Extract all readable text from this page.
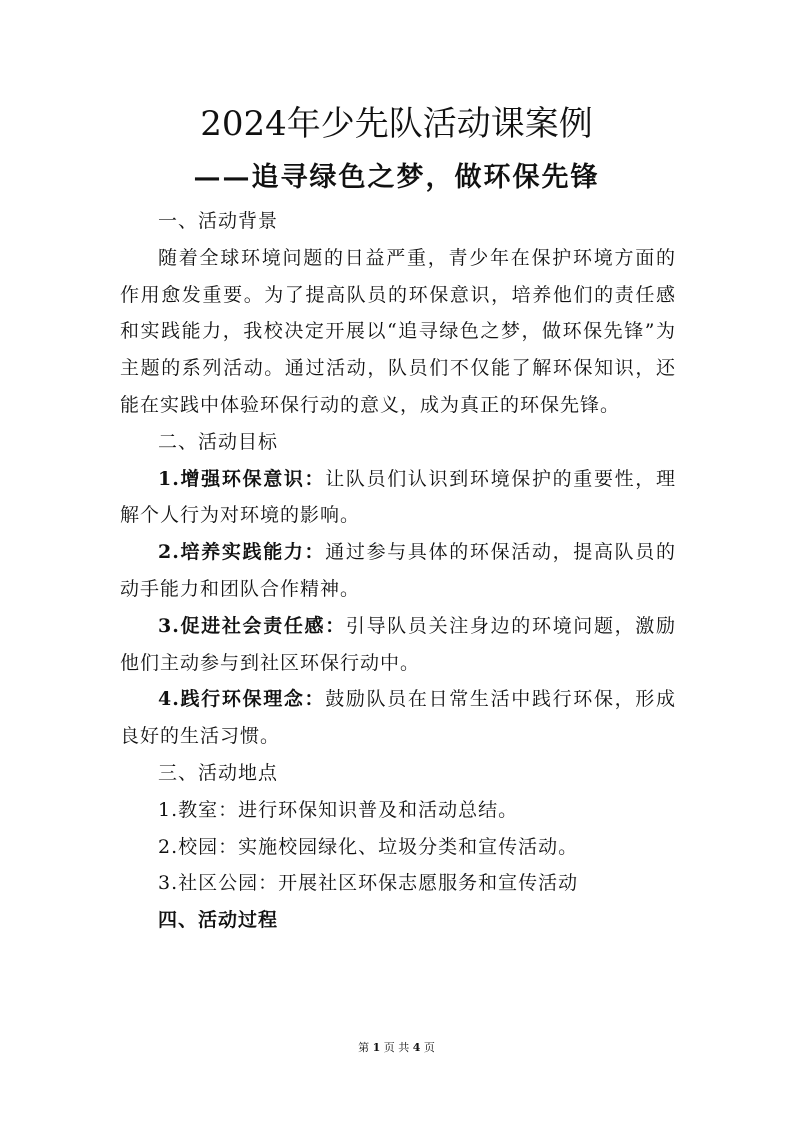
2024年少先队活动课案例
——追寻绿色之梦，做环保先锋

一、活动背景

随着全球环境问题的日益严重，青少年在保护环境方面的作用愈发重要。为了提高队员的环保意识，培养他们的责任感和实践能力，我校决定开展以“追寻绿色之梦，做环保先锋”为主题的系列活动。通过活动，队员们不仅能了解环保知识，还能在实践中体验环保行动的意义，成为真正的环保先锋。

二、活动目标

1.增强环保意识：让队员们认识到环境保护的重要性，理解个人行为对环境的影响。

2.培养实践能力：通过参与具体的环保活动，提高队员的动手能力和团队合作精神。

3.促进社会责任感：引导队员关注身边的环境问题，激励他们主动参与到社区环保行动中。

4.践行环保理念：鼓励队员在日常生活中践行环保，形成良好的生活习惯。

三、活动地点

1.教室：进行环保知识普及和活动总结。

2.校园：实施校园绿化、垃圾分类和宣传活动。

3.社区公园：开展社区环保志愿服务和宣传活动

四、活动过程

第 1 页 共 4 页
